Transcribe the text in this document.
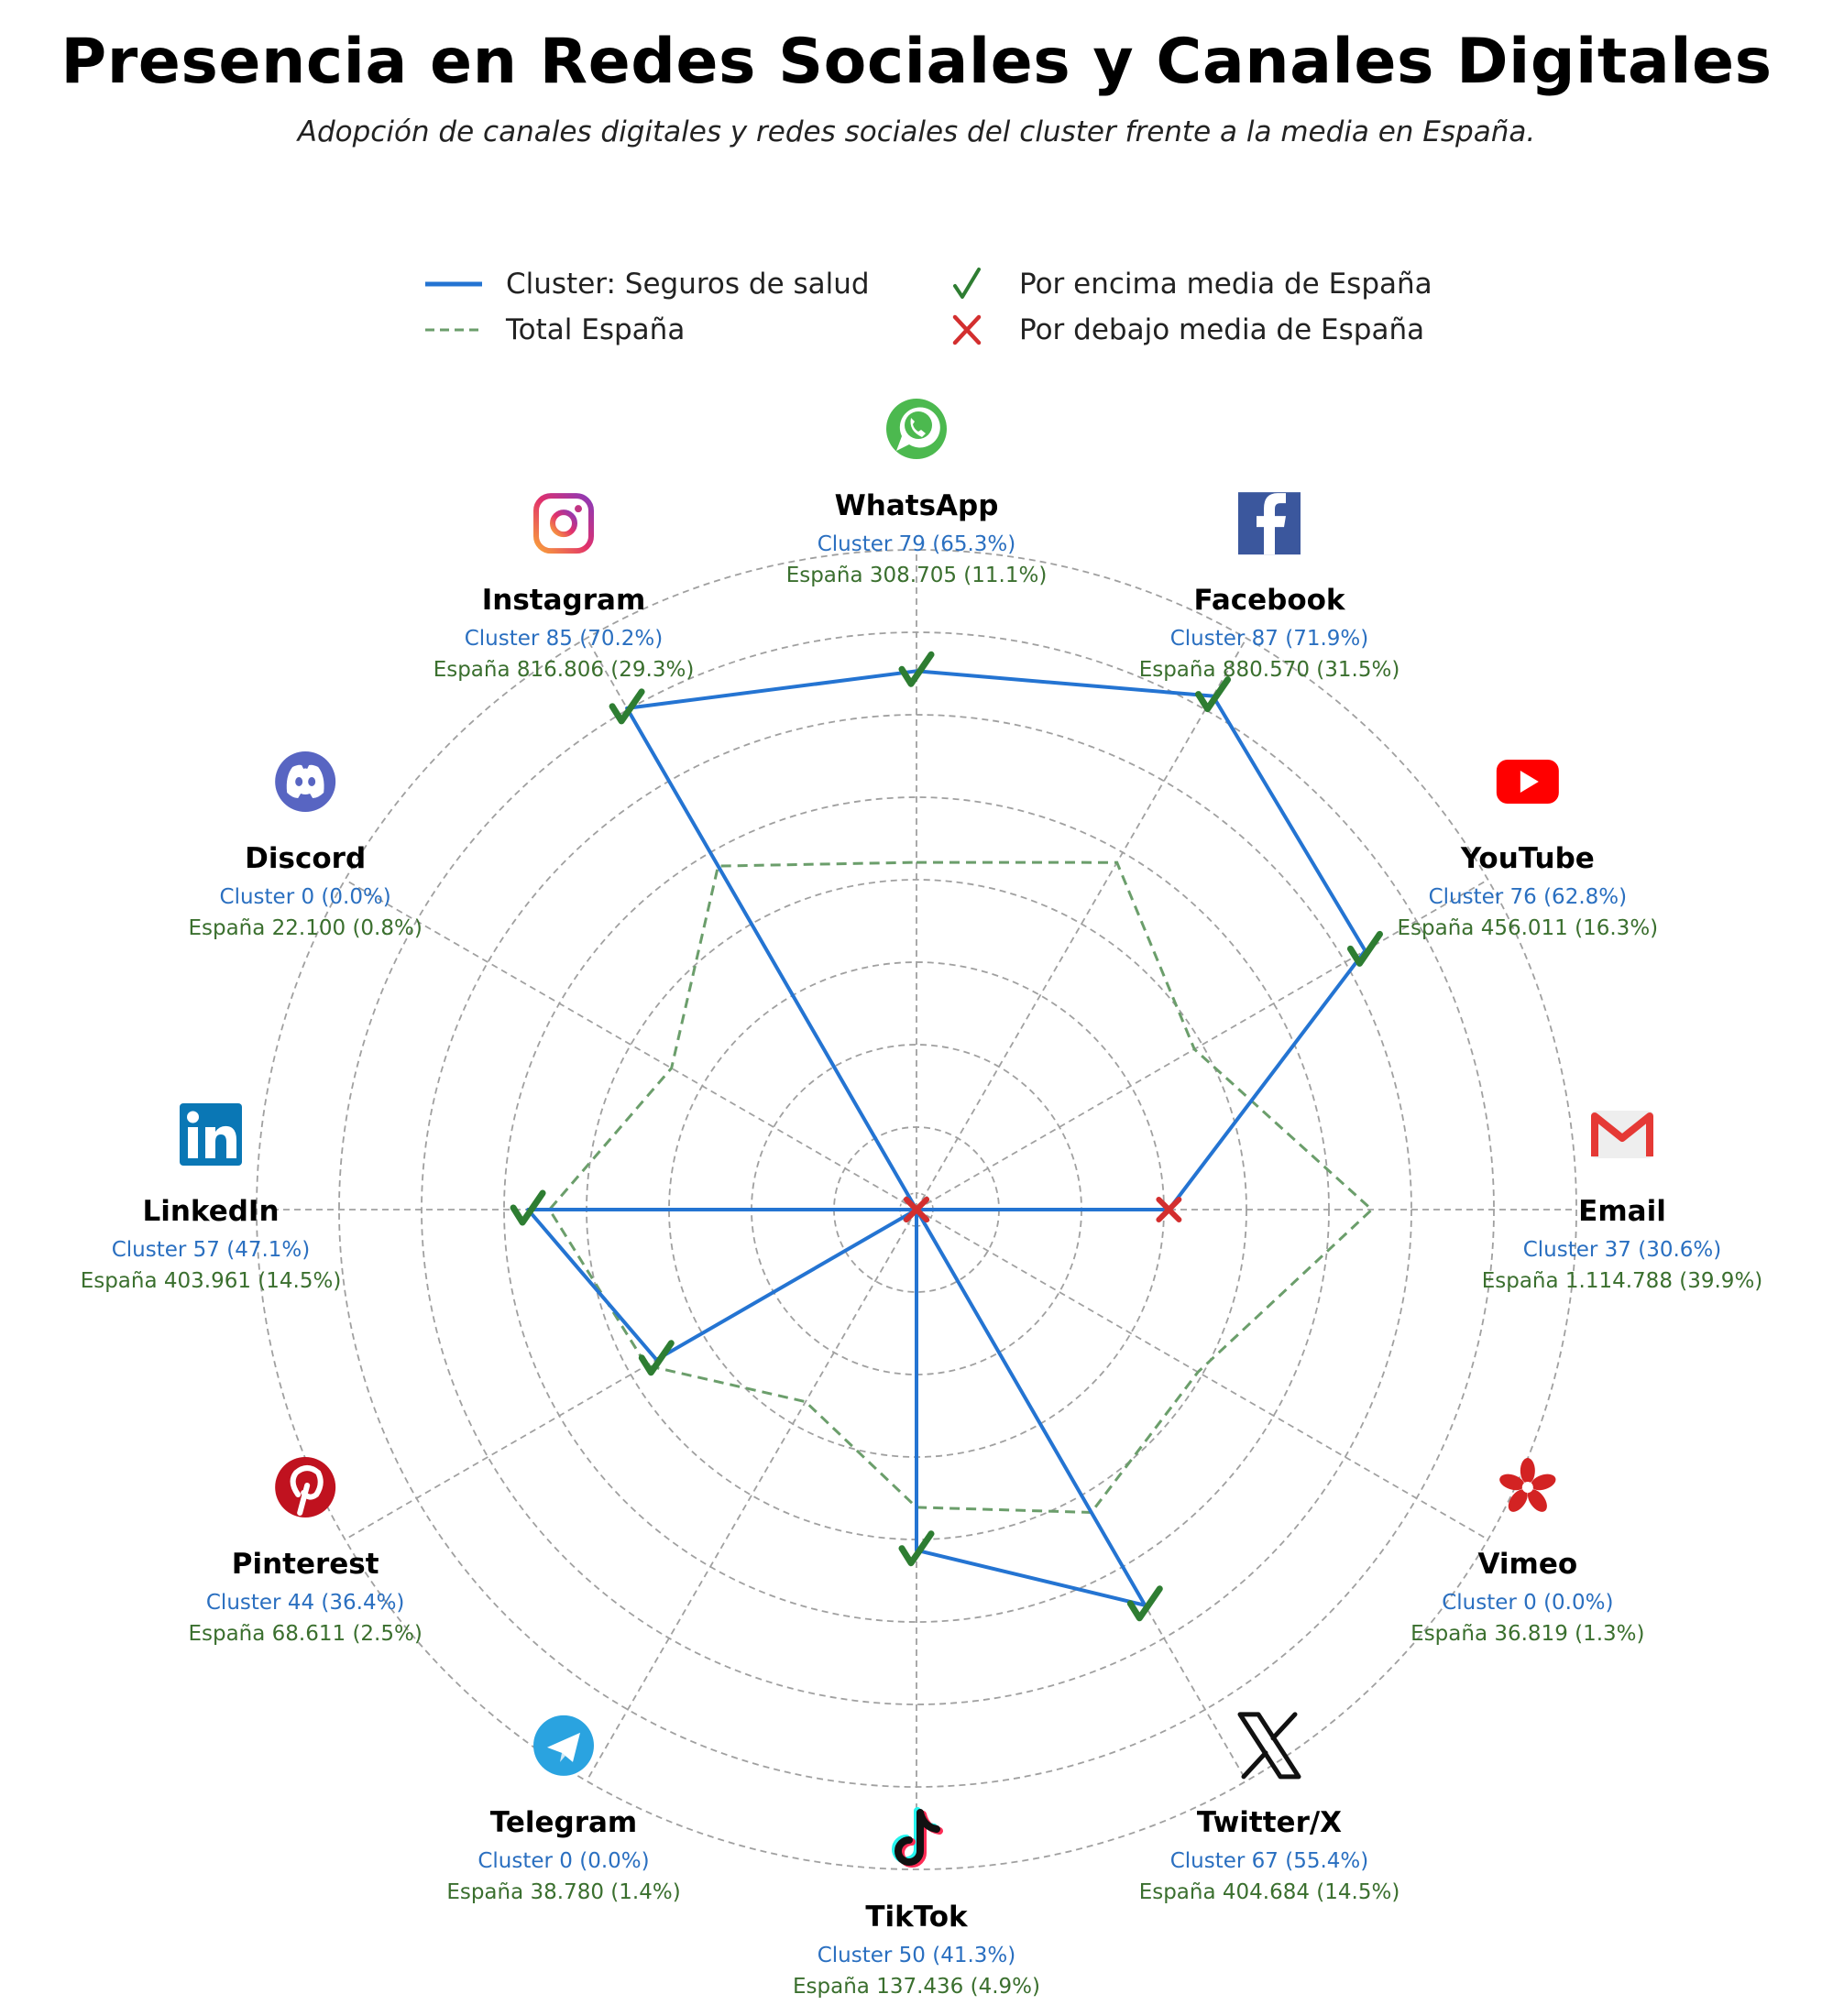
Presencia en Redes Sociales y Canales Digitales
Adopción de canales digitales y redes sociales del cluster frente a la media en España.
Cluster: Seguros de salud
Total España
Por encima media de España
Por debajo media de España
WhatsApp
Cluster 79 (65.3%)
España 308.705 (11.1%)
Facebook
Cluster 87 (71.9%)
España 880.570 (31.5%)
YouTube
Cluster 76 (62.8%)
España 456.011 (16.3%)
Email
Cluster 37 (30.6%)
España 1.114.788 (39.9%)
Vimeo
Cluster 0 (0.0%)
España 36.819 (1.3%)
Twitter/X
Cluster 67 (55.4%)
España 404.684 (14.5%)
TikTok
Cluster 50 (41.3%)
España 137.436 (4.9%)
Telegram
Cluster 0 (0.0%)
España 38.780 (1.4%)
Pinterest
Cluster 44 (36.4%)
España 68.611 (2.5%)
LinkedIn
Cluster 57 (47.1%)
España 403.961 (14.5%)
Discord
Cluster 0 (0.0%)
España 22.100 (0.8%)
Instagram
Cluster 85 (70.2%)
España 816.806 (29.3%)
